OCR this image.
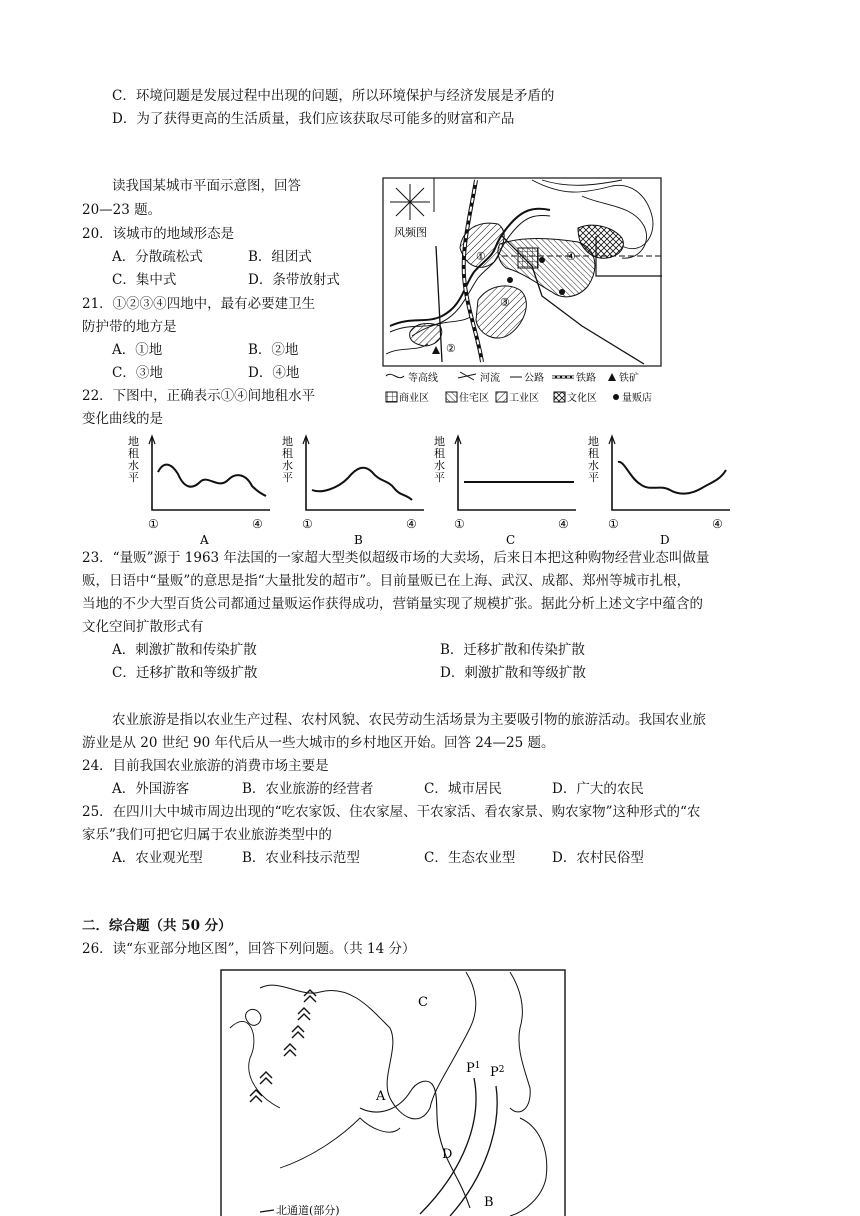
C．环境问题是发展过程中出现的问题，所以环境保护与经济发展是矛盾的
D．为了获得更高的生活质量，我们应该获取尽可能多的财富和产品
读我国某城市平面示意图，回答
20—23 题。
20．该城市的地域形态是
A．分散疏松式	B．组团式
C．集中式	D．条带放射式
21．①②③④四地中，最有必要建卫生
防护带的地方是
A．①地	B．②地
C．③地	D．④地
22．下图中，正确表示①④间地租水平
变化曲线的是
风频图
①
②
③
④
等高线	河流 公路	铁路 铁矿
商业区	住宅区 工业区	文化区	量贩店
地
租
水
平
①	④
A
地
租
水
平
①	④
B
地
租
水
平
①	④
C
地
租
水
平
①	④
D
23．“量贩”源于 1963 年法国的一家超大型类似超级市场的大卖场，后来日本把这种购物经营业态叫做量
贩，日语中“量贩”的意思是指“大量批发的超市”。目前量贩已在上海、武汉、成都、郑州等城市扎根，
当地的不少大型百货公司都通过量贩运作获得成功，营销量实现了规模扩张。据此分析上述文字中蕴含的
文化空间扩散形式有
A．刺激扩散和传染扩散	B．迁移扩散和传染扩散
C．迁移扩散和等级扩散	D．刺激扩散和等级扩散
农业旅游是指以农业生产过程、农村风貌、农民劳动生活场景为主要吸引物的旅游活动。我国农业旅
游业是从 20 世纪 90 年代后从一些大城市的乡村地区开始。回答 24—25 题。
24．目前我国农业旅游的消费市场主要是
A．外国游客	B．农业旅游的经营者	C．城市居民	D．广大的农民
25．在四川大中城市周边出现的“吃农家饭、住农家屋、干农家活、看农家景、购农家物”这种形式的“农
家乐”我们可把它归属于农业旅游类型中的
A．农业观光型	B．农业科技示范型	C．生态农业型	D．农村民俗型
二．综合题（共 50 分）
26．读“东亚部分地区图”，回答下列问题。（共 14 分）
C
A
D
B
$P^1$ $P^2$
北通道(部分)
